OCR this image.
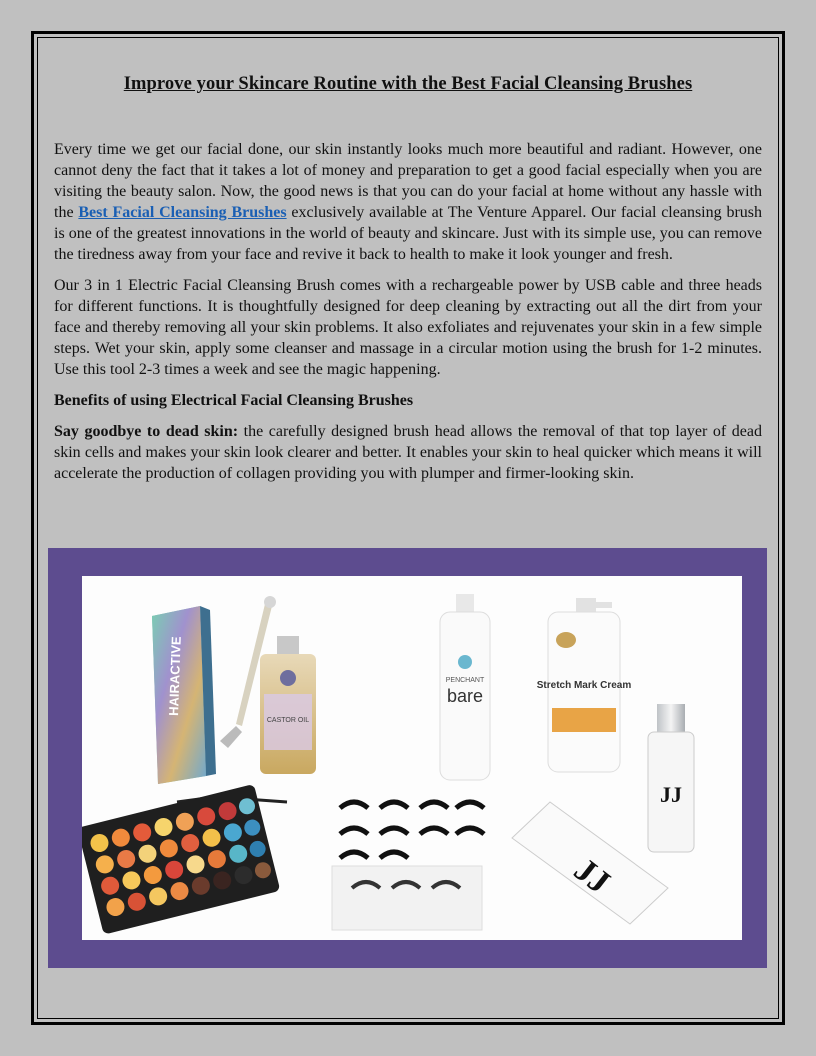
Improve your Skincare Routine with the Best Facial Cleansing Brushes

Every time we get our facial done, our skin instantly looks much more beautiful and radiant. However, one cannot deny the fact that it takes a lot of money and preparation to get a good facial especially when you are visiting the beauty salon. Now, the good news is that you can do your facial at home without any hassle with the Best Facial Cleansing Brushes exclusively available at The Venture Apparel. Our facial cleansing brush is one of the greatest innovations in the world of beauty and skincare. Just with its simple use, you can remove the tiredness away from your face and revive it back to health to make it look younger and fresh.

Our 3 in 1 Electric Facial Cleansing Brush comes with a rechargeable power by USB cable and three heads for different functions. It is thoughtfully designed for deep cleaning by extracting out all the dirt from your face and thereby removing all your skin problems. It also exfoliates and rejuvenates your skin in a few simple steps. Wet your skin, apply some cleanser and massage in a circular motion using the brush for 1-2 minutes. Use this tool 2-3 times a week and see the magic happening.

Benefits of using Electrical Facial Cleansing Brushes

Say goodbye to dead skin: the carefully designed brush head allows the removal of that top layer of dead skin cells and makes your skin look clearer and better. It enables your skin to heal quicker which means it will accelerate the production of collagen providing you with plumper and firmer-looking skin.

HAIRACTIVE
CASTOR OIL
PENCHANT
bare
Stretch Mark Cream
JJ
JJ
